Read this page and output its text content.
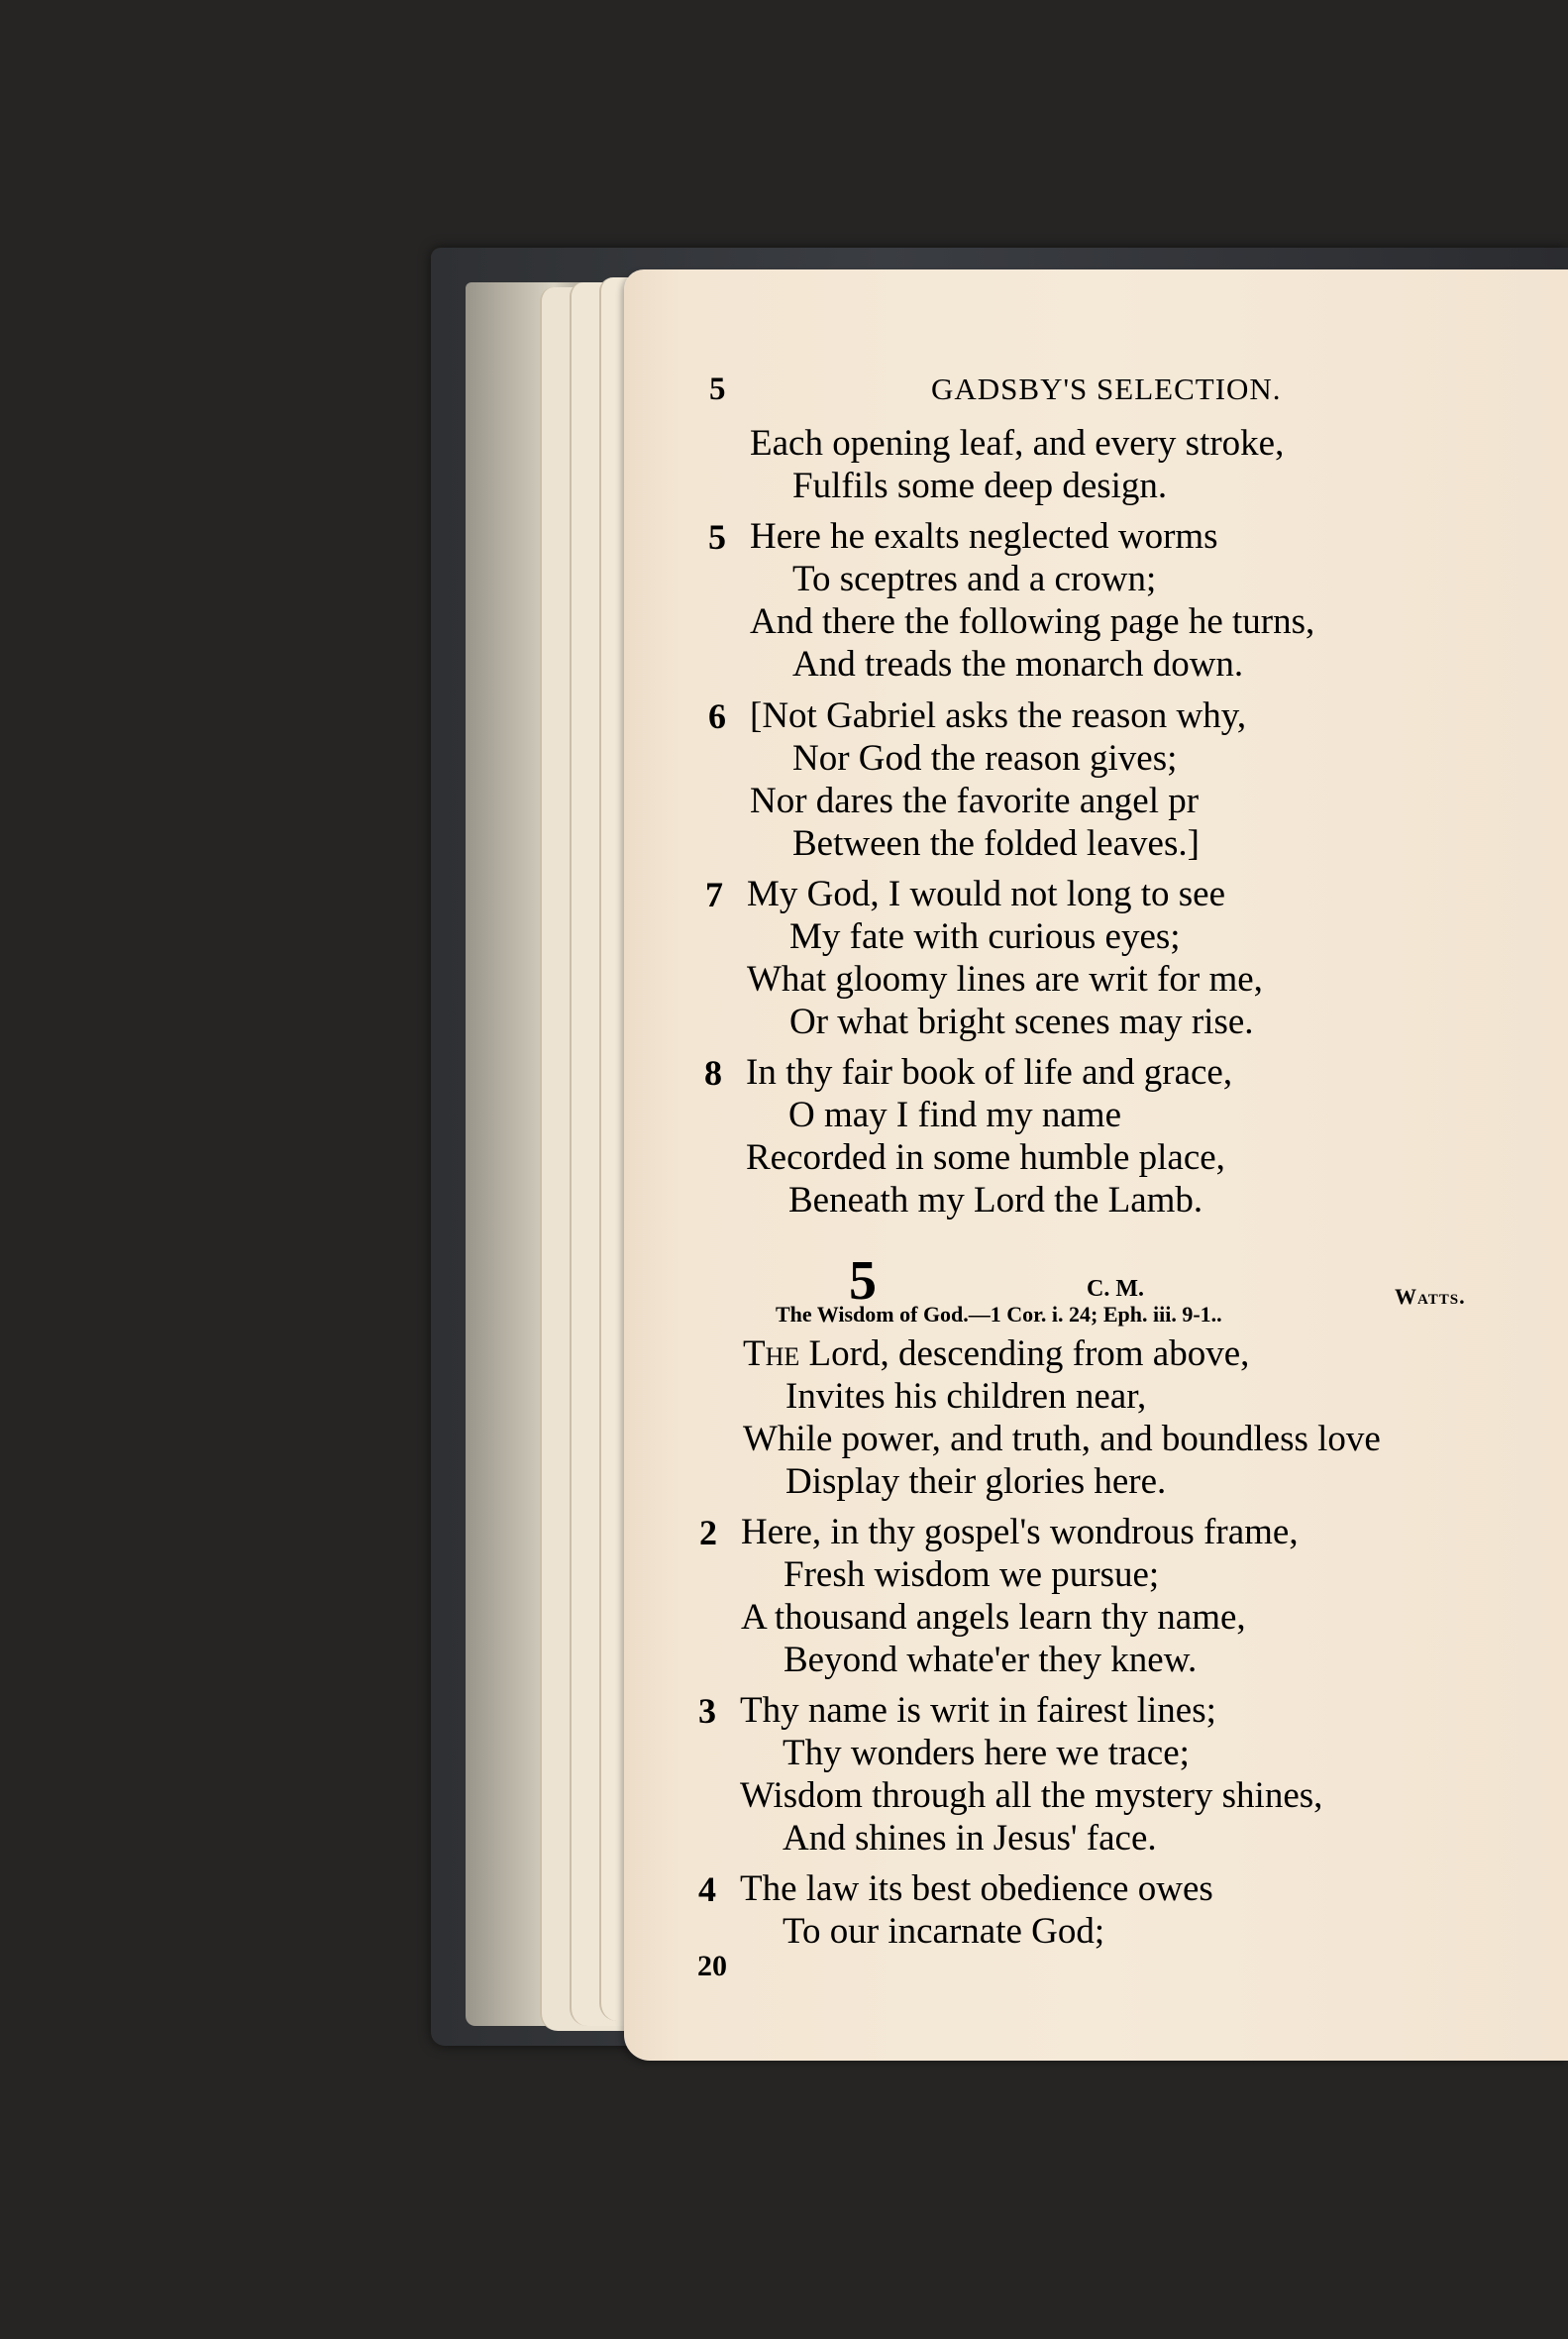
5	GADSBY'S SELECTION.
Each opening leaf, and every stroke,
Fulfils some deep design.
5 Here he exalts neglected worms
To sceptres and a crown;
And there the following page he turns,
And treads the monarch down.
6 [Not Gabriel asks the reason why,
Nor God the reason gives;
Nor dares the favorite angel pr
Between the folded leaves.]
7 My God, I would not long to see
My fate with curious eyes;
What gloomy lines are writ for me,
Or what bright scenes may rise.
8 In thy fair book of life and grace,
O may I find my name
Recorded in some humble place,
Beneath my Lord the Lamb.
5	C. M.	Watts.
The Wisdom of God.—1 Cor. i. 24; Eph. iii. 9-1..
The Lord, descending from above,
Invites his children near,
While power, and truth, and boundless love
Display their glories here.
2 Here, in thy gospel's wondrous frame,
Fresh wisdom we pursue;
A thousand angels learn thy name,
Beyond whate'er they knew.
3 Thy name is writ in fairest lines;
Thy wonders here we trace;
Wisdom through all the mystery shines,
And shines in Jesus' face.
4 The law its best obedience owes
To our incarnate God;
20
